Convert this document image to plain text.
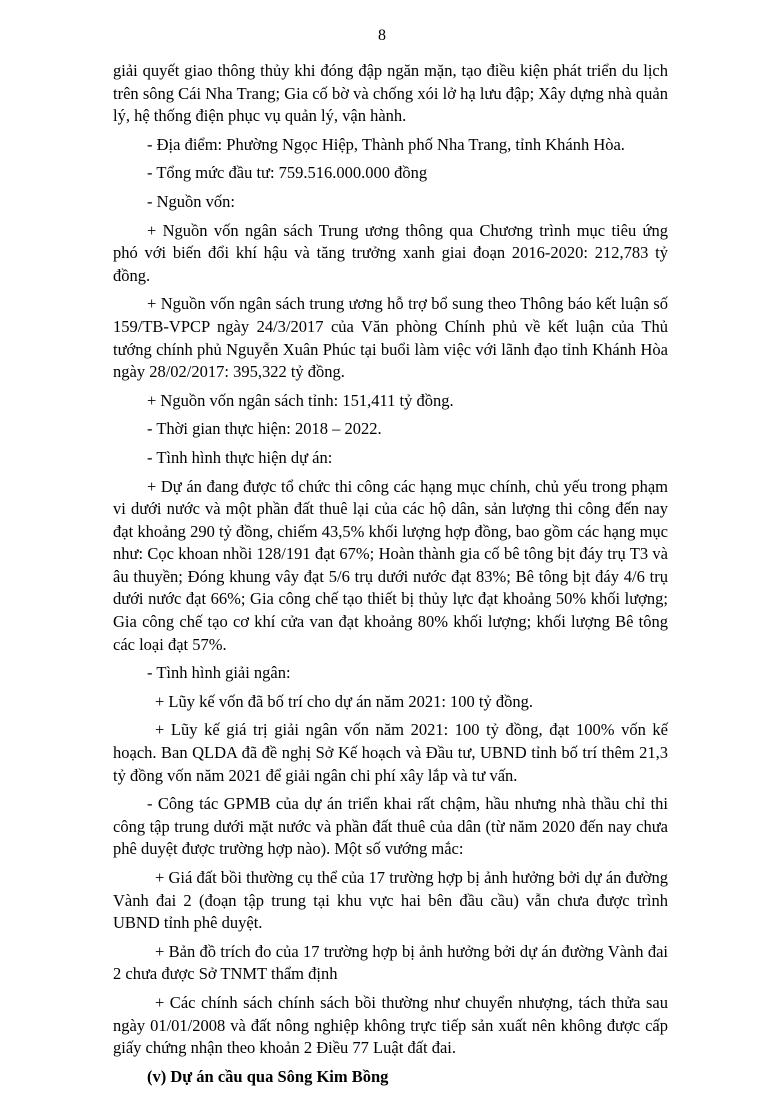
8

giải quyết giao thông thủy khi đóng đập ngăn mặn, tạo điều kiện phát triển du lịch trên sông Cái Nha Trang; Gia cố bờ và chống xói lở hạ lưu đập; Xây dựng nhà quản lý, hệ thống điện phục vụ quản lý, vận hành.

- Địa điểm: Phường Ngọc Hiệp, Thành phố Nha Trang, tỉnh Khánh Hòa.

- Tổng mức đầu tư: 759.516.000.000 đồng

- Nguồn vốn:

+ Nguồn vốn ngân sách Trung ương thông qua Chương trình mục tiêu ứng phó với biến đổi khí hậu và tăng trưởng xanh giai đoạn 2016-2020: 212,783 tỷ đồng.

+ Nguồn vốn ngân sách trung ương hỗ trợ bổ sung theo Thông báo kết luận số 159/TB-VPCP ngày 24/3/2017 của Văn phòng Chính phủ về kết luận của Thủ tướng chính phủ Nguyễn Xuân Phúc tại buổi làm việc với lãnh đạo tỉnh Khánh Hòa ngày 28/02/2017: 395,322 tỷ đồng.

+ Nguồn vốn ngân sách tỉnh: 151,411 tỷ đồng.

- Thời gian thực hiện: 2018 – 2022.

- Tình hình thực hiện dự án:

+ Dự án đang được tổ chức thi công các hạng mục chính, chủ yếu trong phạm vi dưới nước và một phần đất thuê lại của các hộ dân, sản lượng thi công đến nay đạt khoảng 290 tỷ đồng, chiếm 43,5% khối lượng hợp đồng, bao gồm các hạng mục như: Cọc khoan nhồi 128/191 đạt 67%; Hoàn thành gia cố bê tông bịt đáy trụ T3 và âu thuyền; Đóng khung vây đạt 5/6 trụ dưới nước đạt 83%; Bê tông bịt đáy 4/6 trụ dưới nước đạt 66%; Gia công chế tạo thiết bị thủy lực đạt khoảng 50% khối lượng; Gia công chế tạo cơ khí cửa van đạt khoảng 80% khối lượng; khối lượng Bê tông các loại đạt 57%.

- Tình hình giải ngân:

+ Lũy kế vốn đã bố trí cho dự án năm 2021: 100 tỷ đồng.

+ Lũy kế giá trị giải ngân vốn năm 2021: 100 tỷ đồng, đạt 100% vốn kế hoạch. Ban QLDA đã đề nghị Sở Kế hoạch và Đầu tư, UBND tỉnh bố trí thêm 21,3 tỷ đồng vốn năm 2021 để giải ngân chi phí xây lắp và tư vấn.

- Công tác GPMB của dự án triển khai rất chậm, hầu nhưng nhà thầu chỉ thi công tập trung dưới mặt nước và phần đất thuê của dân (từ năm 2020 đến nay chưa phê duyệt được trường hợp nào). Một số vướng mắc:

+ Giá đất bồi thường cụ thể của 17 trường hợp bị ảnh hưởng bởi dự án đường Vành đai 2 (đoạn tập trung tại khu vực hai bên đầu cầu) vẫn chưa được trình UBND tỉnh phê duyệt.

+ Bản đồ trích đo của 17 trường hợp bị ảnh hưởng bởi dự án đường Vành đai 2 chưa được Sở TNMT thẩm định

+ Các chính sách chính sách bồi thường như chuyển nhượng, tách thửa sau ngày 01/01/2008 và đất nông nghiệp không trực tiếp sản xuất nên không được cấp giấy chứng nhận theo khoản 2 Điều 77 Luật đất đai.

(v) Dự án cầu qua Sông Kim Bồng
